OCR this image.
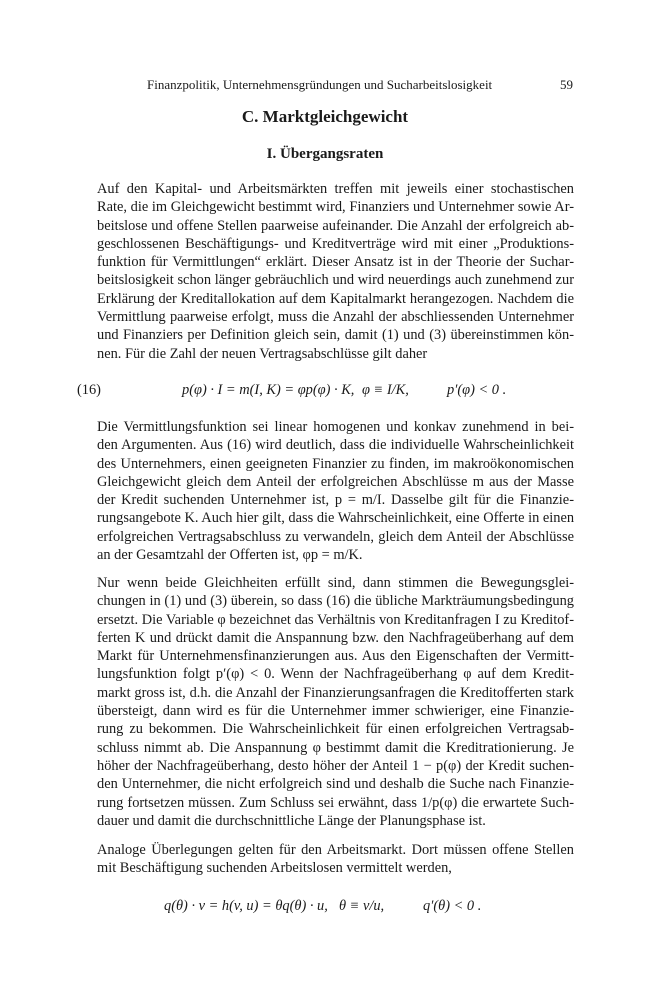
Finanzpolitik, Unternehmensgründungen und Sucharbeitslosigkeit	59
C. Marktgleichgewicht
I. Übergangsraten

Auf den Kapital- und Arbeitsmärkten treffen mit jeweils einer stochastischen
Rate, die im Gleichgewicht bestimmt wird, Finanziers und Unternehmer sowie Ar-
beitslose und offene Stellen paarweise aufeinander. Die Anzahl der erfolgreich ab-
geschlossenen Beschäftigungs- und Kreditverträge wird mit einer „Produktions-
funktion für Vermittlungen“ erklärt. Dieser Ansatz ist in der Theorie der Suchar-
beitslosigkeit schon länger gebräuchlich und wird neuerdings auch zunehmend zur
Erklärung der Kreditallokation auf dem Kapitalmarkt herangezogen. Nachdem die
Vermittlung paarweise erfolgt, muss die Anzahl der abschliessenden Unternehmer
und Finanziers per Definition gleich sein, damit (1) und (3) übereinstimmen kön-
nen. Für die Zahl der neuen Vertragsabschlüsse gilt daher

(16)	p(φ) · I = m(I, K) = φp(φ) · K, φ ≡ I/K,	p′(φ) < 0 .

Die Vermittlungsfunktion sei linear homogenen und konkav zunehmend in bei-
den Argumenten. Aus (16) wird deutlich, dass die individuelle Wahrscheinlichkeit
des Unternehmers, einen geeigneten Finanzier zu finden, im makroökonomischen
Gleichgewicht gleich dem Anteil der erfolgreichen Abschlüsse m aus der Masse
der Kredit suchenden Unternehmer ist, p = m/I. Dasselbe gilt für die Finanzie-
rungsangebote K. Auch hier gilt, dass die Wahrscheinlichkeit, eine Offerte in einen
erfolgreichen Vertragsabschluss zu verwandeln, gleich dem Anteil der Abschlüsse
an der Gesamtzahl der Offerten ist, φp = m/K.

Nur wenn beide Gleichheiten erfüllt sind, dann stimmen die Bewegungsglei-
chungen in (1) und (3) überein, so dass (16) die übliche Markträumungsbedingung
ersetzt. Die Variable φ bezeichnet das Verhältnis von Kreditanfragen I zu Kreditof-
ferten K und drückt damit die Anspannung bzw. den Nachfrageüberhang auf dem
Markt für Unternehmensfinanzierungen aus. Aus den Eigenschaften der Vermitt-
lungsfunktion folgt p′(φ) < 0. Wenn der Nachfrageüberhang φ auf dem Kredit-
markt gross ist, d.h. die Anzahl der Finanzierungsanfragen die Kreditofferten stark
übersteigt, dann wird es für die Unternehmer immer schwieriger, eine Finanzie-
rung zu bekommen. Die Wahrscheinlichkeit für einen erfolgreichen Vertragsab-
schluss nimmt ab. Die Anspannung φ bestimmt damit die Kreditrationierung. Je
höher der Nachfrageüberhang, desto höher der Anteil 1 − p(φ) der Kredit suchen-
den Unternehmer, die nicht erfolgreich sind und deshalb die Suche nach Finanzie-
rung fortsetzen müssen. Zum Schluss sei erwähnt, dass 1/p(φ) die erwartete Such-
dauer und damit die durchschnittliche Länge der Planungsphase ist.

Analoge Überlegungen gelten für den Arbeitsmarkt. Dort müssen offene Stellen
mit Beschäftigung suchenden Arbeitslosen vermittelt werden,

q(θ) · v = h(v, u) = θq(θ) · u, θ ≡ v/u,	q′(θ) < 0 .
